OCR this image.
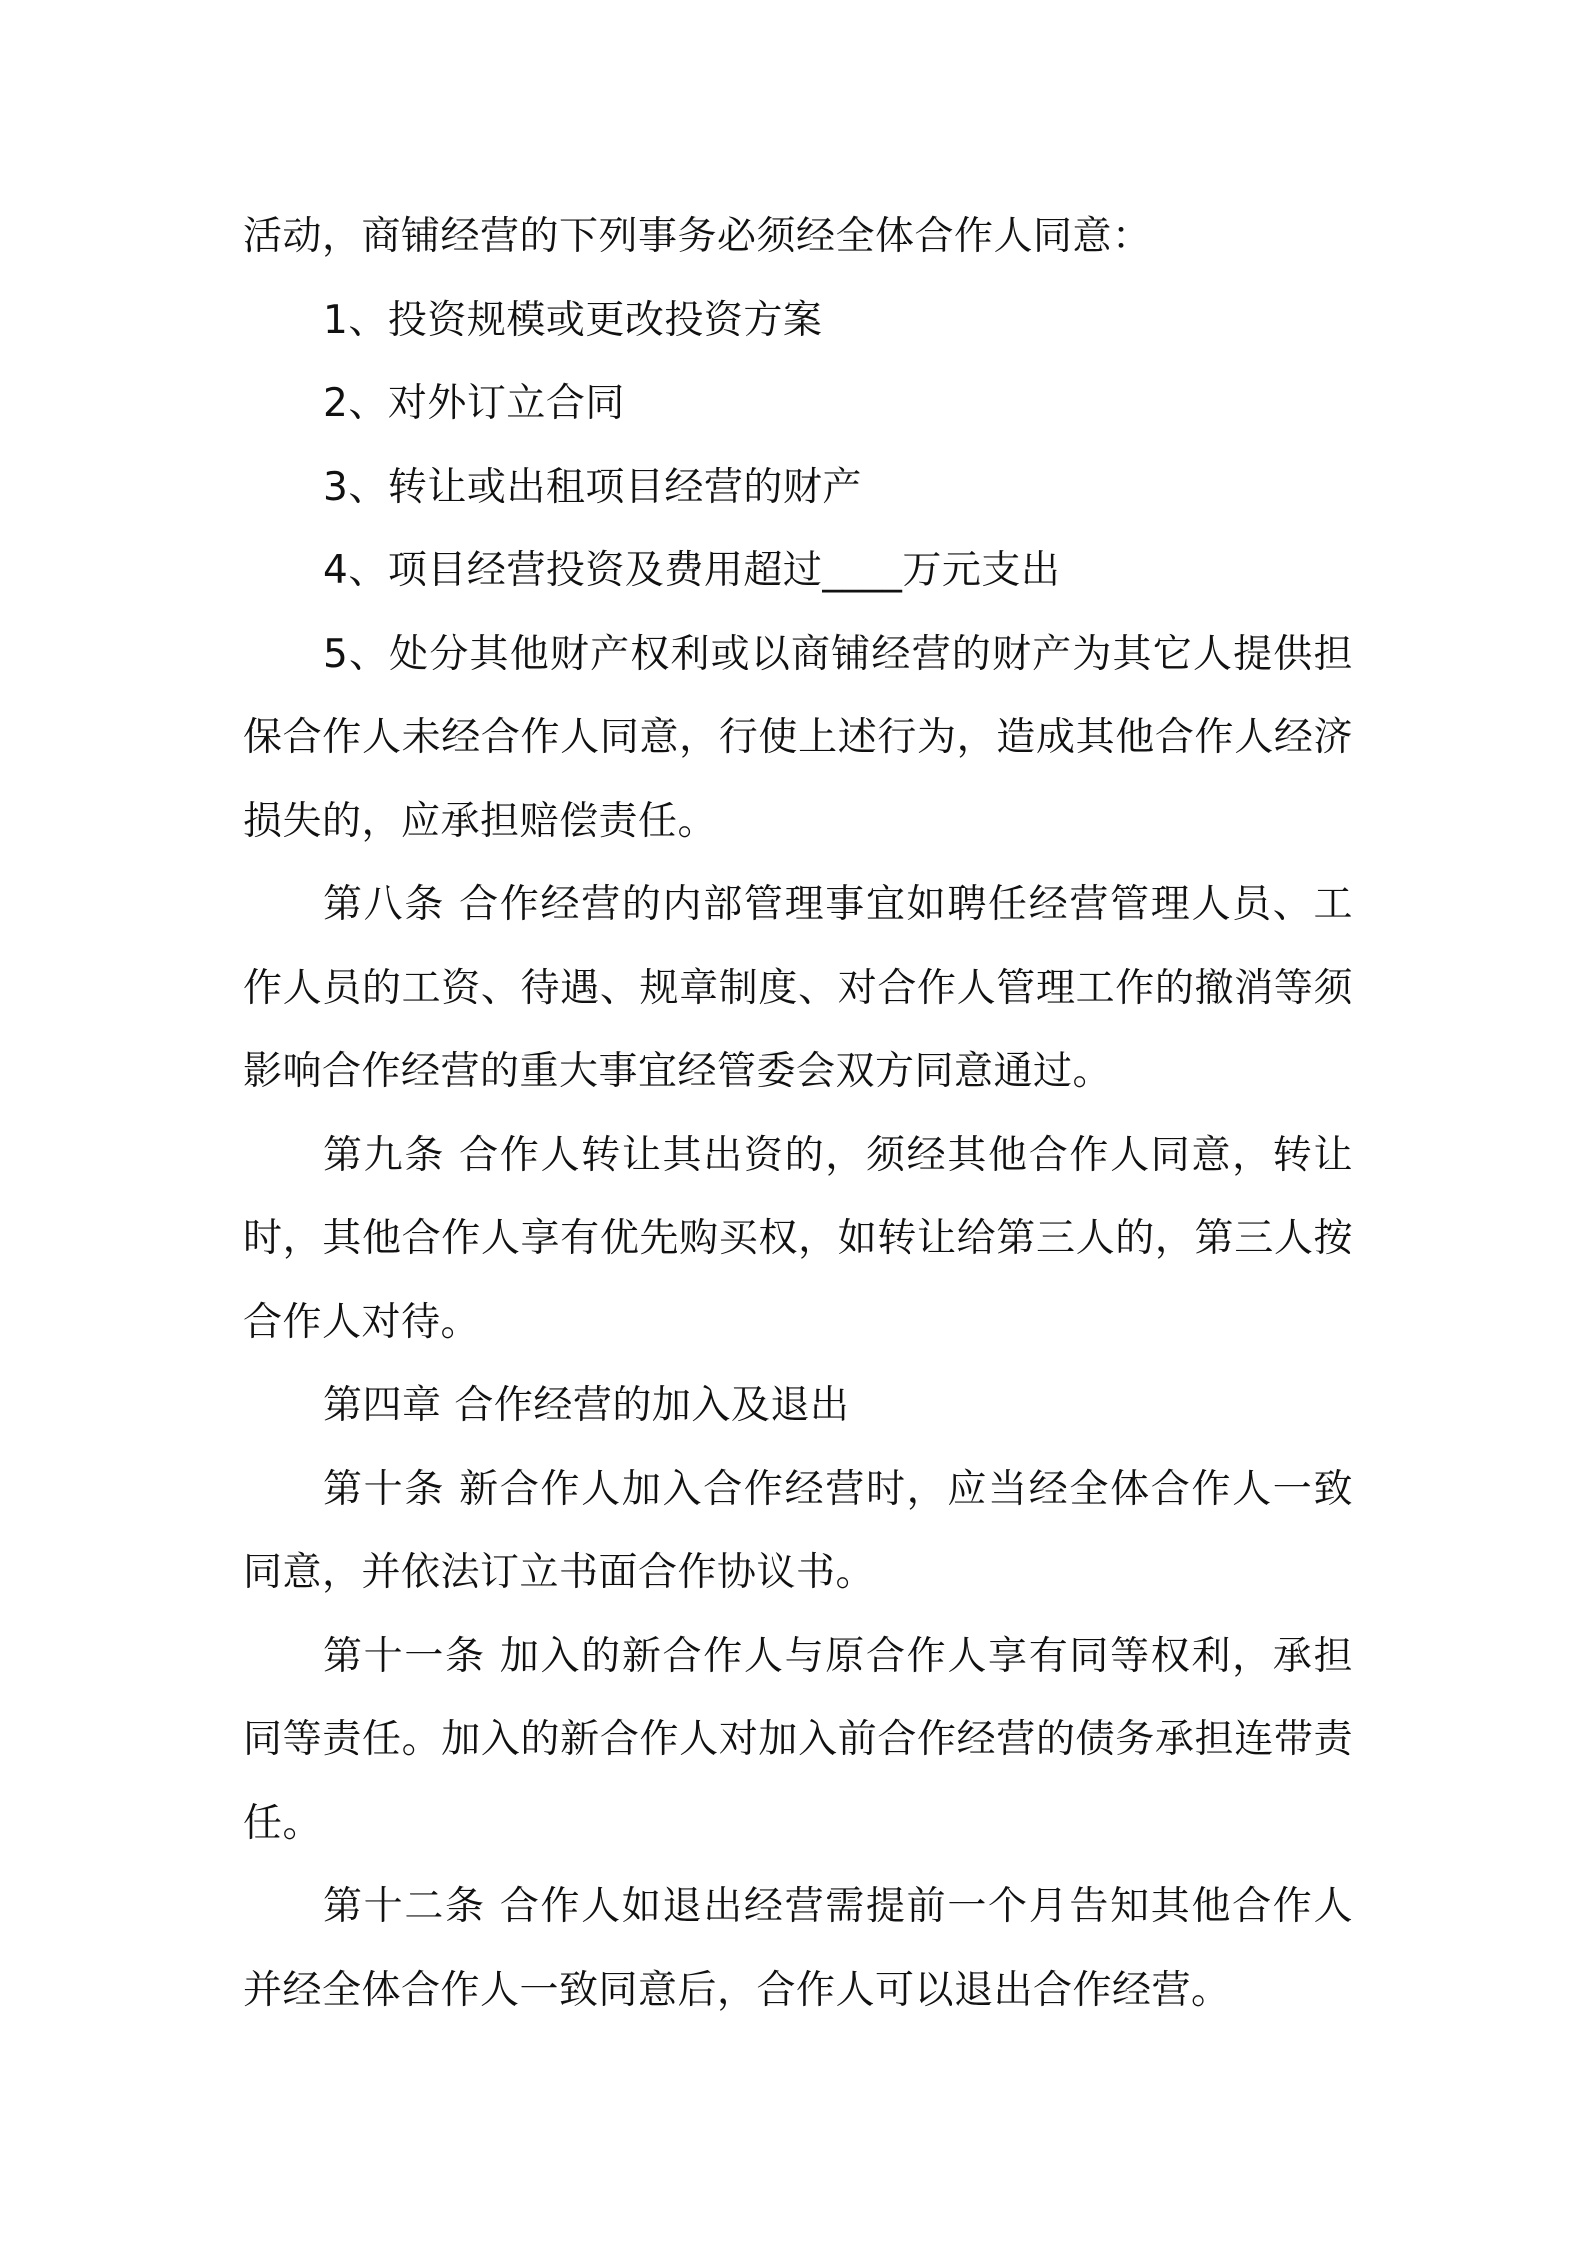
活动，商铺经营的下列事务必须经全体合作人同意：

1、投资规模或更改投资方案

2、对外订立合同

3、转让或出租项目经营的财产

4、项目经营投资及费用超过____万元支出

5、处分其他财产权利或以商铺经营的财产为其它人提供担保合作人未经合作人同意，行使上述行为，造成其他合作人经济损失的，应承担赔偿责任。

第八条 合作经营的内部管理事宜如聘任经营管理人员、工作人员的工资、待遇、规章制度、对合作人管理工作的撤消等须影响合作经营的重大事宜经管委会双方同意通过。

第九条 合作人转让其出资的，须经其他合作人同意，转让时，其他合作人享有优先购买权，如转让给第三人的，第三人按合作人对待。

第四章 合作经营的加入及退出

第十条 新合作人加入合作经营时，应当经全体合作人一致同意，并依法订立书面合作协议书。

第十一条 加入的新合作人与原合作人享有同等权利，承担同等责任。加入的新合作人对加入前合作经营的债务承担连带责任。

第十二条 合作人如退出经营需提前一个月告知其他合作人并经全体合作人一致同意后，合作人可以退出合作经营。
